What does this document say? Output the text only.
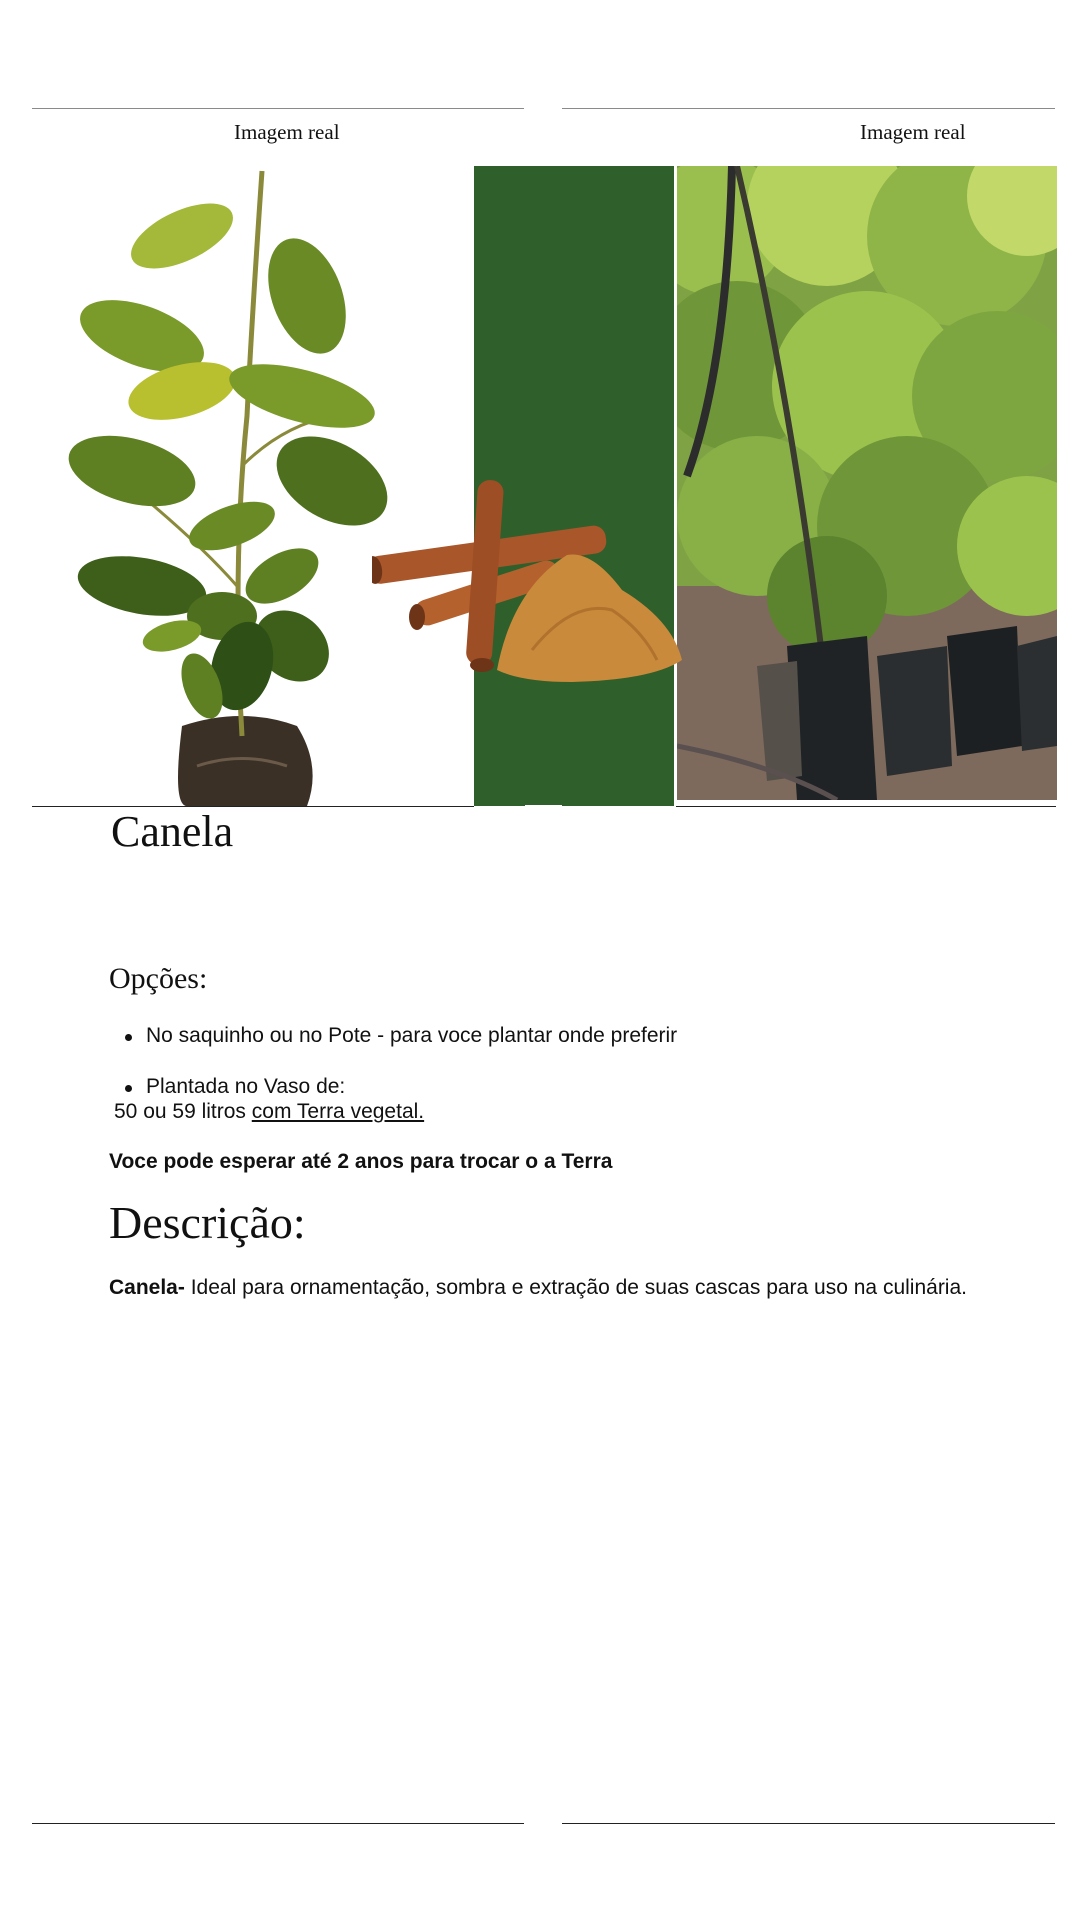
Imagem real	Imagem real
Canela
Opções:
No saquinho ou no Pote - para voce plantar onde preferir
Plantada no Vaso de:
50 ou 59 litros com Terra vegetal.
Voce pode esperar até 2 anos para trocar o a Terra
Descrição:
Canela- Ideal para ornamentação, sombra e extração de suas cascas para uso na culinária.
